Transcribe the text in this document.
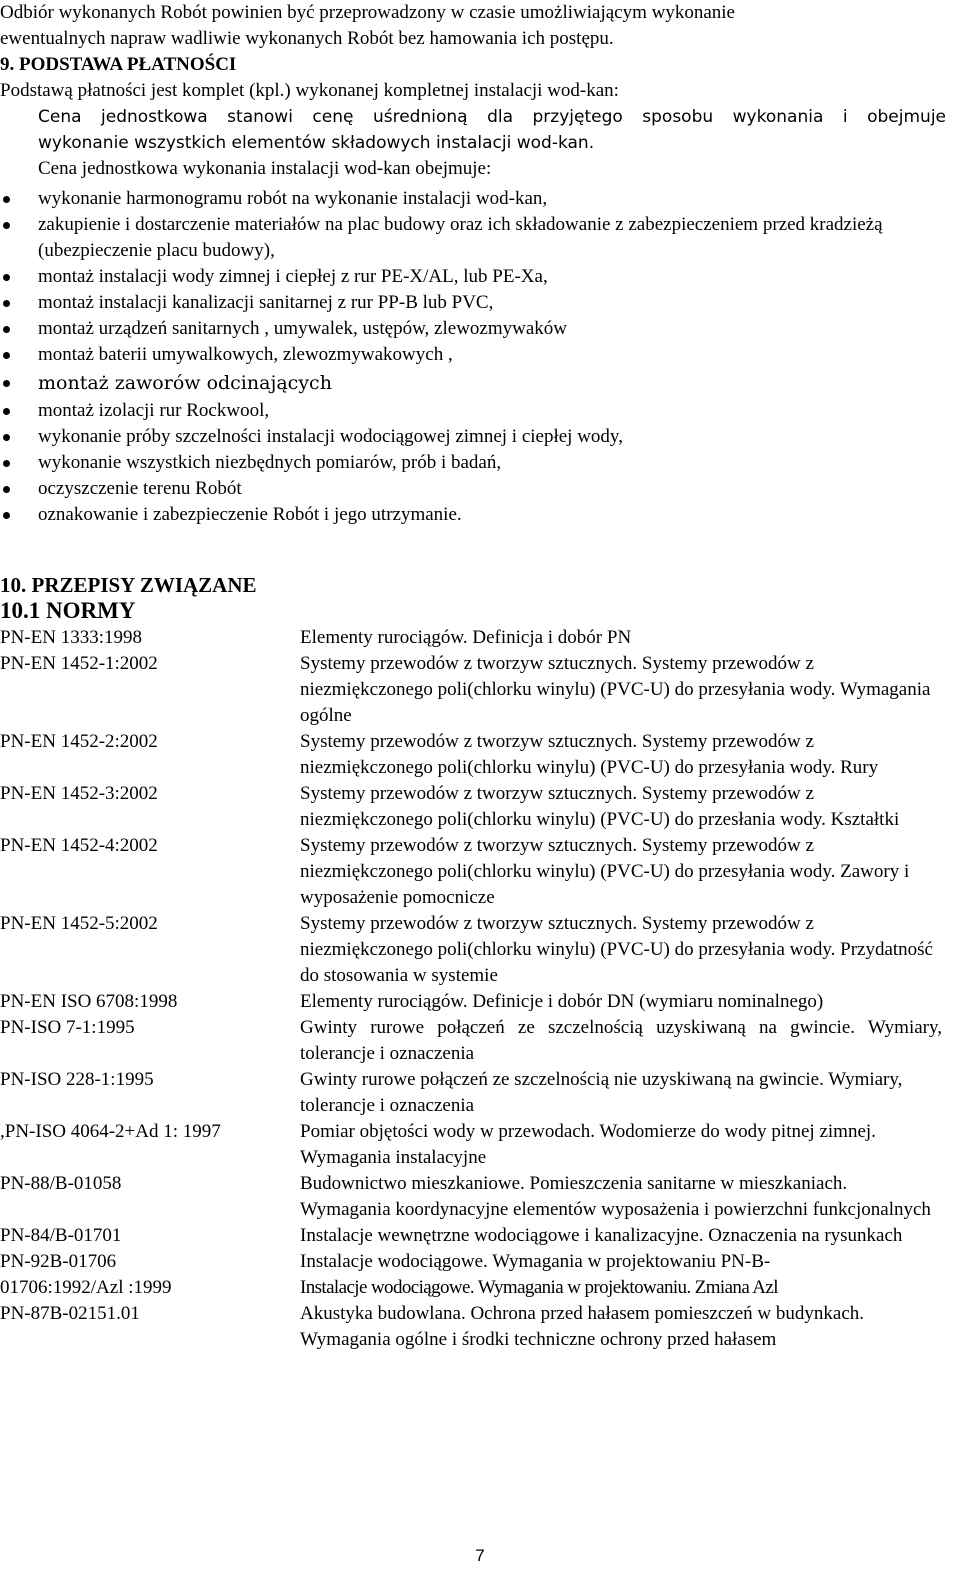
Odbiór wykonanych Robót powinien być przeprowadzony w czasie umożliwiającym wykonanie
ewentualnych napraw wadliwie wykonanych Robót bez hamowania ich postępu.
9. PODSTAWA PŁATNOŚCI
Podstawą płatności jest komplet (kpl.) wykonanej kompletnej instalacji wod-kan:
Cena jednostkowa stanowi cenę uśrednioną dla przyjętego sposobu wykonania i obejmuje
wykonanie wszystkich elementów składowych instalacji wod-kan.
Cena jednostkowa wykonania instalacji wod-kan obejmuje:
wykonanie harmonogramu robót na wykonanie instalacji wod-kan,
zakupienie i dostarczenie materiałów na plac budowy oraz ich składowanie z zabezpieczeniem przed kradzieżą (ubezpieczenie placu budowy),
montaż instalacji wody zimnej i ciepłej z rur PE-X/AL, lub PE-Xa,
montaż instalacji kanalizacji sanitarnej z rur PP-B lub PVC,
montaż urządzeń sanitarnych , umywalek, ustępów, zlewozmywaków
montaż baterii umywalkowych, zlewozmywakowych ,
montaż zaworów odcinających
montaż izolacji rur Rockwool,
wykonanie próby szczelności instalacji wodociągowej zimnej i ciepłej wody,
wykonanie wszystkich niezbędnych pomiarów, prób i badań,
oczyszczenie terenu Robót
oznakowanie i zabezpieczenie Robót i jego utrzymanie.
10. PRZEPISY ZWIĄZANE
10.1 NORMY
PN-EN 1333:1998	Elementy rurociągów. Definicja i dobór PN
PN-EN 1452-1:2002	Systemy przewodów z tworzyw sztucznych. Systemy przewodów z niezmiękczonego poli(chlorku winylu) (PVC-U) do przesyłania wody. Wymagania ogólne
PN-EN 1452-2:2002	Systemy przewodów z tworzyw sztucznych. Systemy przewodów z niezmiękczonego poli(chlorku winylu) (PVC-U) do przesyłania wody. Rury
PN-EN 1452-3:2002	Systemy przewodów z tworzyw sztucznych. Systemy przewodów z niezmiękczonego poli(chlorku winylu) (PVC-U) do przesłania wody. Kształtki
PN-EN 1452-4:2002	Systemy przewodów z tworzyw sztucznych. Systemy przewodów z niezmiękczonego poli(chlorku winylu) (PVC-U) do przesyłania wody. Zawory i wyposażenie pomocnicze
PN-EN 1452-5:2002	Systemy przewodów z tworzyw sztucznych. Systemy przewodów z niezmiękczonego poli(chlorku winylu) (PVC-U) do przesyłania wody. Przydatność do stosowania w systemie
PN-EN ISO 6708:1998	Elementy rurociągów. Definicje i dobór DN (wymiaru nominalnego)
PN-ISO 7-1:1995	Gwinty rurowe połączeń ze szczelnością uzyskiwaną na gwincie. Wymiary, tolerancje i oznaczenia
PN-ISO 228-1:1995	Gwinty rurowe połączeń ze szczelnością nie uzyskiwaną na gwincie. Wymiary, tolerancje i oznaczenia
,PN-ISO 4064-2+Ad 1: 1997	Pomiar objętości wody w przewodach. Wodomierze do wody pitnej zimnej. Wymagania instalacyjne
PN-88/B-01058	Budownictwo mieszkaniowe. Pomieszczenia sanitarne w mieszkaniach. Wymagania koordynacyjne elementów wyposażenia i powierzchni funkcjonalnych
PN-84/B-01701	Instalacje wewnętrzne wodociągowe i kanalizacyjne. Oznaczenia na rysunkach
PN-92B-01706	Instalacje wodociągowe. Wymagania w projektowaniu PN-B-
01706:1992/Azl :1999	Instalacje wodociągowe. Wymagania w projektowaniu. Zmiana Azl
PN-87B-02151.01	Akustyka budowlana. Ochrona przed hałasem pomieszczeń w budynkach. Wymagania ogólne i środki techniczne ochrony przed hałasem
7
